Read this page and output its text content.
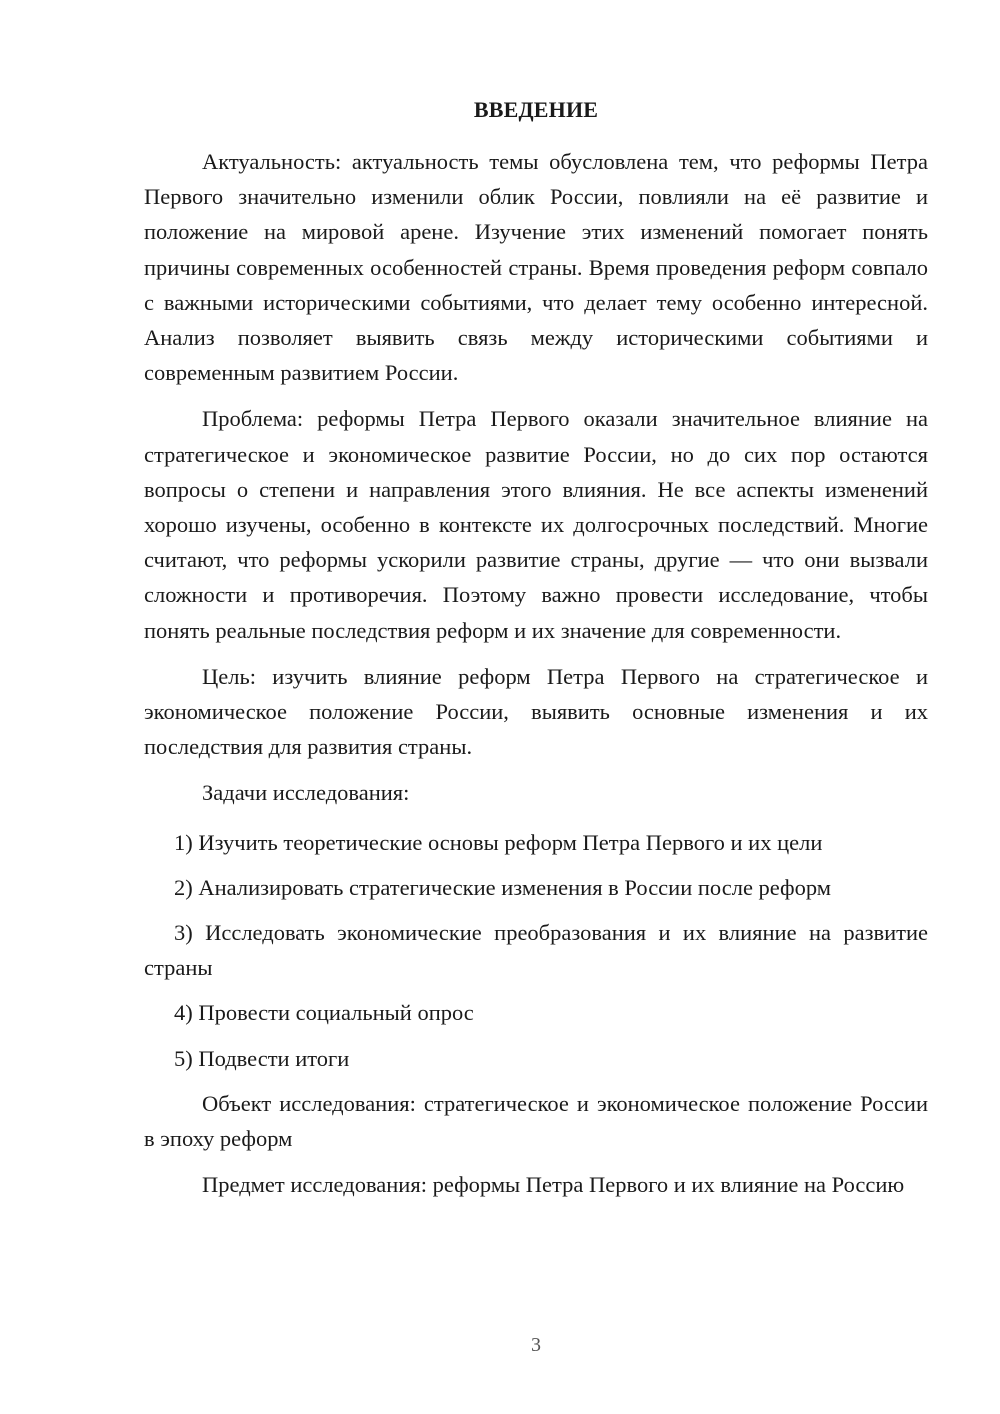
ВВЕДЕНИЕ

Актуальность: актуальность темы обусловлена тем, что реформы Петра Первого значительно изменили облик России, повлияли на её развитие и положение на мировой арене. Изучение этих изменений помогает понять причины современных особенностей страны. Время проведения реформ совпало с важными историческими событиями, что делает тему особенно интересной. Анализ позволяет выявить связь между историческими событиями и современным развитием России.

Проблема: реформы Петра Первого оказали значительное влияние на стратегическое и экономическое развитие России, но до сих пор остаются вопросы о степени и направления этого влияния. Не все аспекты изменений хорошо изучены, особенно в контексте их долгосрочных последствий. Многие считают, что реформы ускорили развитие страны, другие — что они вызвали сложности и противоречия. Поэтому важно провести исследование, чтобы понять реальные последствия реформ и их значение для современности.

Цель: изучить влияние реформ Петра Первого на стратегическое и экономическое положение России, выявить основные изменения и их последствия для развития страны.

Задачи исследования:

1) Изучить теоретические основы реформ Петра Первого и их цели
2) Анализировать стратегические изменения в России после реформ
3) Исследовать экономические преобразования и их влияние на развитие страны
4) Провести социальный опрос
5) Подвести итоги

Объект исследования: стратегическое и экономическое положение России в эпоху реформ

Предмет исследования: реформы Петра Первого и их влияние на Россию

3
